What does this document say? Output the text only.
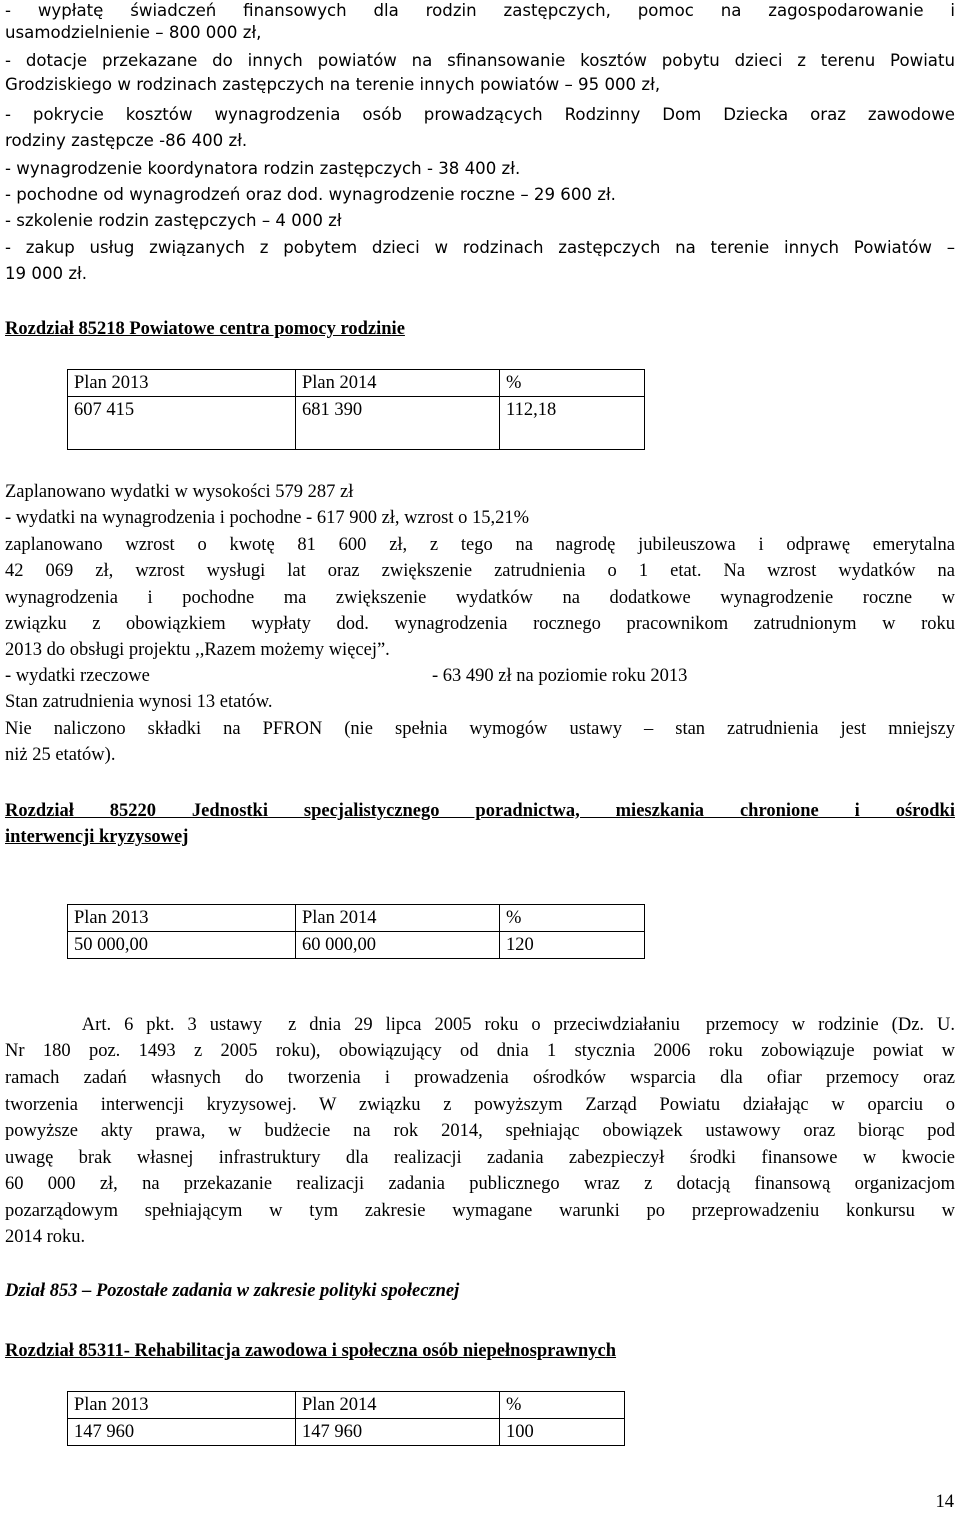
- wypłatę świadczeń finansowych dla rodzin zastępczych, pomoc na zagospodarowanie i
usamodzielnienie – 800 000 zł,
- dotacje przekazane do innych powiatów na sfinansowanie kosztów pobytu dzieci z terenu Powiatu
Grodziskiego w rodzinach zastępczych na terenie innych powiatów – 95 000 zł,
- pokrycie kosztów wynagrodzenia osób prowadzących Rodzinny Dom Dziecka oraz zawodowe
rodziny zastępcze -86 400 zł.
- wynagrodzenie koordynatora rodzin zastępczych - 38 400 zł.
- pochodne od wynagrodzeń oraz dod. wynagrodzenie roczne – 29 600 zł.
- szkolenie rodzin zastępczych – 4 000 zł
- zakup usług związanych z pobytem dzieci w rodzinach zastępczych na terenie innych Powiatów –
19 000 zł.
Rozdział 85218 Powiatowe centra pomocy rodzinie
Plan 2013	Plan 2014	%
607 415	681 390	112,18
Zaplanowano wydatki w wysokości 579 287 zł
- wydatki na wynagrodzenia i pochodne - 617 900 zł, wzrost o 15,21%
zaplanowano wzrost o kwotę 81 600 zł, z tego na nagrodę jubileuszowa i odprawę emerytalna
42 069 zł, wzrost wysługi lat oraz zwiększenie zatrudnienia o 1 etat. Na wzrost wydatków na
wynagrodzenia i pochodne ma zwiększenie wydatków na dodatkowe wynagrodzenie roczne w
związku z obowiązkiem wypłaty dod. wynagrodzenia rocznego pracownikom zatrudnionym w roku
2013 do obsługi projektu ,,Razem możemy więcej”.
- wydatki rzeczowe	- 63 490 zł na poziomie roku 2013
Stan zatrudnienia wynosi 13 etatów.
Nie naliczono składki na PFRON (nie spełnia wymogów ustawy – stan zatrudnienia jest mniejszy
niż 25 etatów).
Rozdział 85220 Jednostki specjalistycznego poradnictwa, mieszkania chronione i ośrodki
interwencji kryzysowej
Plan 2013	Plan 2014	%
50 000,00	60 000,00	120
Art. 6 pkt. 3 ustawy  z dnia 29 lipca 2005 roku o przeciwdziałaniu  przemocy w rodzinie (Dz. U.
Nr 180 poz. 1493 z 2005 roku), obowiązujący od dnia 1 stycznia 2006 roku zobowiązuje powiat w
ramach zadań własnych do tworzenia i prowadzenia ośrodków wsparcia dla ofiar przemocy oraz
tworzenia interwencji kryzysowej. W związku z powyższym Zarząd Powiatu działając w oparciu o
powyższe akty prawa, w budżecie na rok 2014, spełniając obowiązek ustawowy oraz biorąc pod
uwagę brak własnej infrastruktury dla realizacji zadania zabezpieczył środki finansowe w kwocie
60 000 zł, na przekazanie realizacji zadania publicznego wraz z dotacją finansową organizacjom
pozarządowym spełniającym w tym zakresie wymagane warunki po przeprowadzeniu konkursu w
2014 roku.
Dział 853 – Pozostałe zadania w zakresie polityki społecznej
Rozdział 85311- Rehabilitacja zawodowa i społeczna osób niepełnosprawnych
Plan 2013	Plan 2014	%
147 960	147 960	100
14
